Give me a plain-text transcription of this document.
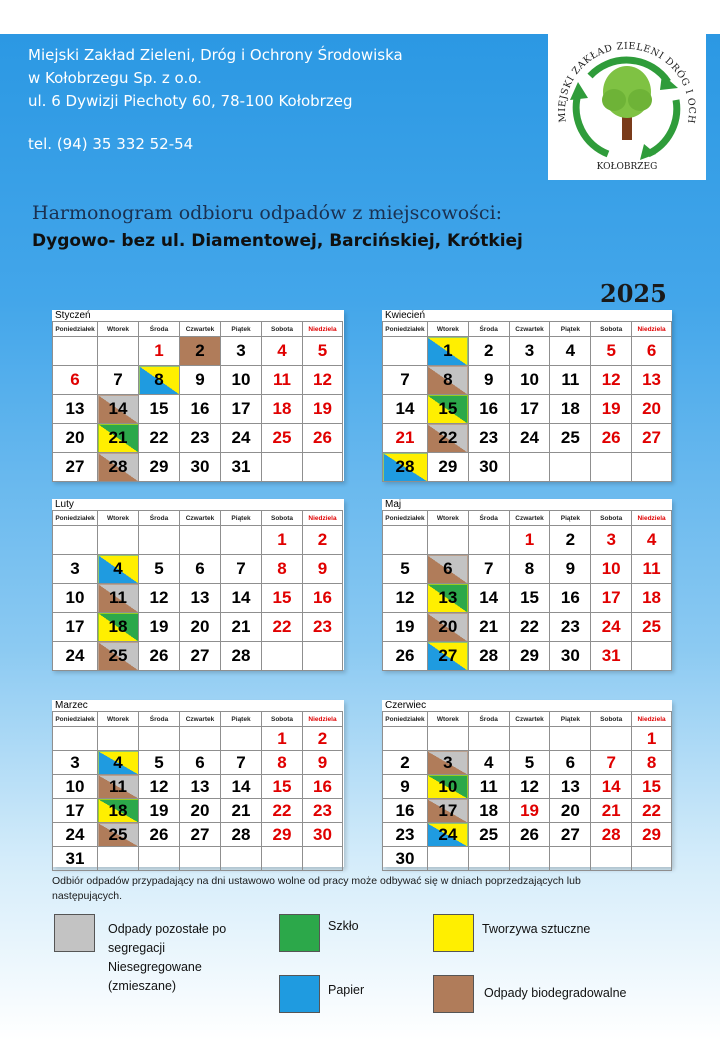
Miejski Zakład Zieleni, Dróg i Ochrony Środowiska
w Kołobrzegu Sp. z o.o.
ul. 6 Dywizji Piechoty 60, 78-100 Kołobrzeg
tel. (94) 35 332 52-54
MIEJSKI ZAKŁAD ZIELENI DRÓG I OCH
KOŁOBRZEG
Harmonogram odbioru odpadów z miejscowości:
Dygowo- bez ul. Diamentowej, Barcińskiej, Krótkiej
2025
Styczeń
Poniedziałek	Wtorek	Środa	Czwartek	Piątek	Sobota	Niedziela
		1	2	3	4	5
6	7	8	9	10	11	12
13	14	15	16	17	18	19
20	21	22	23	24	25	26
27	28	29	30	31		
Luty
Poniedziałek	Wtorek	Środa	Czwartek	Piątek	Sobota	Niedziela
					1	2
3	4	5	6	7	8	9
10	11	12	13	14	15	16
17	18	19	20	21	22	23
24	25	26	27	28		
Marzec
Poniedziałek	Wtorek	Środa	Czwartek	Piątek	Sobota	Niedziela
					1	2
3	4	5	6	7	8	9
10	11	12	13	14	15	16
17	18	19	20	21	22	23
24	25	26	27	28	29	30
31						
Kwiecień
Poniedziałek	Wtorek	Środa	Czwartek	Piątek	Sobota	Niedziela
	1	2	3	4	5	6
7	8	9	10	11	12	13
14	15	16	17	18	19	20
21	22	23	24	25	26	27
28	29	30				
Maj
Poniedziałek	Wtorek	Środa	Czwartek	Piątek	Sobota	Niedziela
			1	2	3	4
5	6	7	8	9	10	11
12	13	14	15	16	17	18
19	20	21	22	23	24	25
26	27	28	29	30	31	
Czerwiec
Poniedziałek	Wtorek	Środa	Czwartek	Piątek	Sobota	Niedziela
						1
2	3	4	5	6	7	8
9	10	11	12	13	14	15
16	17	18	19	20	21	22
23	24	25	26	27	28	29
30						
Odbiór odpadów przypadający na dni ustawowo wolne od pracy może odbywać się w dniach poprzedzających lub następujących.
Odpady pozostałe po segregacji Niesegregowane (zmieszane)
Szkło	Tworzywa sztuczne
Papier	Odpady biodegradowalne
